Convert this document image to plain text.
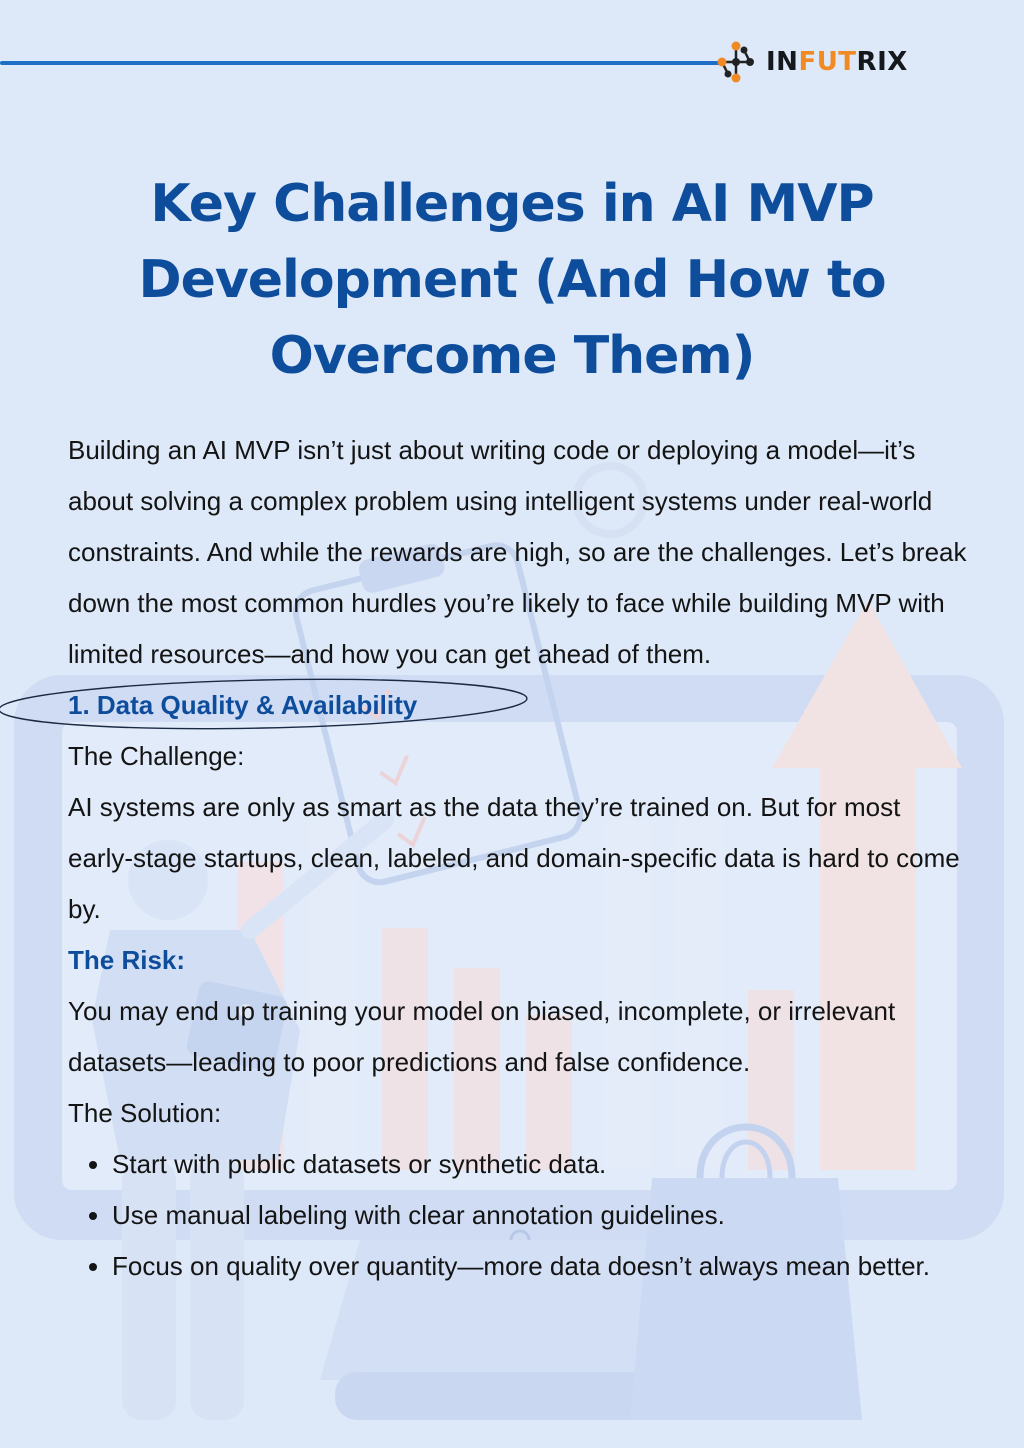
INFUTRIX
Key Challenges in AI MVP
Development (And How to
Overcome Them)

Building an AI MVP isn’t just about writing code or deploying a model—it’s about solving a complex problem using intelligent systems under real-world constraints. And while the rewards are high, so are the challenges. Let’s break down the most common hurdles you’re likely to face while building MVP with limited resources—and how you can get ahead of them.

1. Data Quality & Availability

The Challenge:

AI systems are only as smart as the data they’re trained on. But for most early-stage startups, clean, labeled, and domain-specific data is hard to come by.

The Risk:

You may end up training your model on biased, incomplete, or irrelevant datasets—leading to poor predictions and false confidence.

The Solution:

• Start with public datasets or synthetic data.
• Use manual labeling with clear annotation guidelines.
• Focus on quality over quantity—more data doesn’t always mean better.
